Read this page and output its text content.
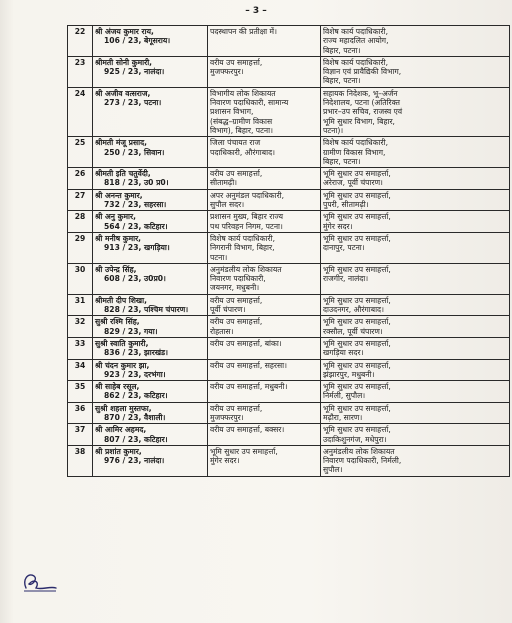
– 3 –
22	श्री अंजय कुमार राय,
106 / 23, बेगूसराय।	पदस्थापन की प्रतीक्षा में।	विशेष कार्य पदाधिकारी,
राज्य महादलित आयोग,
बिहार, पटना।

23	श्रीमती सोनी कुमारी,
925 / 23, नालंदा।	वरीय उप समाहर्त्ता,
मुजफ्फरपुर।	विशेष कार्य पदाधिकारी,
विज्ञान एवं प्रावैद्यिकी विभाग,
बिहार, पटना।

24	श्री अजीव वत्सराज,
273 / 23, पटना।	विभागीय लोक शिकायत
निवारण पदाधिकारी, सामान्य
प्रशासन विभाग,
(संबद्ध–ग्रामीण विकास
विभाग), बिहार, पटना।	सहायक निदेशक, भू–अर्जन
निदेशालय, पटना (अतिरिक्त
प्रभार–उप सचिव, राजस्व एवं
भूमि सुधार विभाग, बिहार,
पटना)।

25	श्रीमती मंजू प्रसाद,
250 / 23, सिवान।	जिला पंचायत राज
पदाधिकारी, औरंगाबाद।	विशेष कार्य पदाधिकारी,
ग्रामीण विकास विभाग,
बिहार, पटना।

26	श्रीमती इति चतुर्वेदी,
818 / 23, उ0 प्र0।	वरीय उप समाहर्त्ता,
सीतामढ़ी।	भूमि सुधार उप समाहर्त्ता,
अरेराज, पूर्वी चंपारण।

27	श्री अनन्त कुमार,
732 / 23, सहरसा।	अपर अनुमंडल पदाधिकारी,
सुपौल सदर।	भूमि सुधार उप समाहर्त्ता,
पुपरी, सीतामढ़ी।

28	श्री अनु कुमार,
564 / 23, कटिहार।	प्रशासन मुख्य, बिहार राज्य
पथ परिवहन निगम, पटना।	भूमि सुधार उप समाहर्त्ता,
मुंगेर सदर।

29	श्री मनीष कुमार,
913 / 23, खगड़िया।	विशेष कार्य पदाधिकारी,
निगरानी विभाग, बिहार,
पटना।	भूमि सुधार उप समाहर्त्ता,
दानापुर, पटना।

30	श्री उपेन्द्र सिंह,
608 / 23, उ0प्र0।	अनुमंडलीय लोक शिकायत
निवारण पदाधिकारी,
जयनगर, मधुबनी।	भूमि सुधार उप समाहर्त्ता,
राजगीर, नालंदा।

31	श्रीमती दीप शिखा,
828 / 23, पश्चिम चंपारण।	वरीय उप समाहर्त्ता,
पूर्वी चंपारण।	भूमि सुधार उप समाहर्त्ता,
दाउदनगर, औरंगाबाद।

32	सुश्री रश्मि सिंह,
829 / 23, गया।	वरीय उप समाहर्त्ता,
रोहतास।	भूमि सुधार उप समाहर्त्ता,
रक्सौल, पूर्वी चंपारण।

33	सुश्री स्वाति कुमारी,
836 / 23, झारखंड।	वरीय उप समाहर्त्ता, बांका।	भूमि सुधार उप समाहर्त्ता,
खगड़िया सदर।

34	श्री चंदन कुमार झा,
923 / 23, दरभंगा।	वरीय उप समाहर्त्ता, सहरसा।	भूमि सुधार उप समाहर्त्ता,
झंझारपुर, मधुबनी।

35	श्री साहेब रसूल,
862 / 23, कटिहार।	वरीय उप समाहर्त्ता, मधुबनी।	भूमि सुधार उप समाहर्त्ता,
निर्मली, सुपौल।

36	सुश्री शहला मुस्तफा,
870 / 23, वैशाली।	वरीय उप समाहर्त्ता,
मुजफ्फरपुर।	भूमि सुधार उप समाहर्त्ता,
मढ़ौरा, सारण।

37	श्री आमिर अहमद,
807 / 23, कटिहार।	वरीय उप समाहर्त्ता, बक्सर।	भूमि सुधार उप समाहर्त्ता,
उदाकिशुनगंज, मधेपुरा।

38	श्री प्रशांत कुमार,
976 / 23, नालंदा।	भूमि सुधार उप समाहर्त्ता,
मुंगेर सदर।	अनुमंडलीय लोक शिकायत
निवारण पदाधिकारी, निर्मली,
सुपौल।
